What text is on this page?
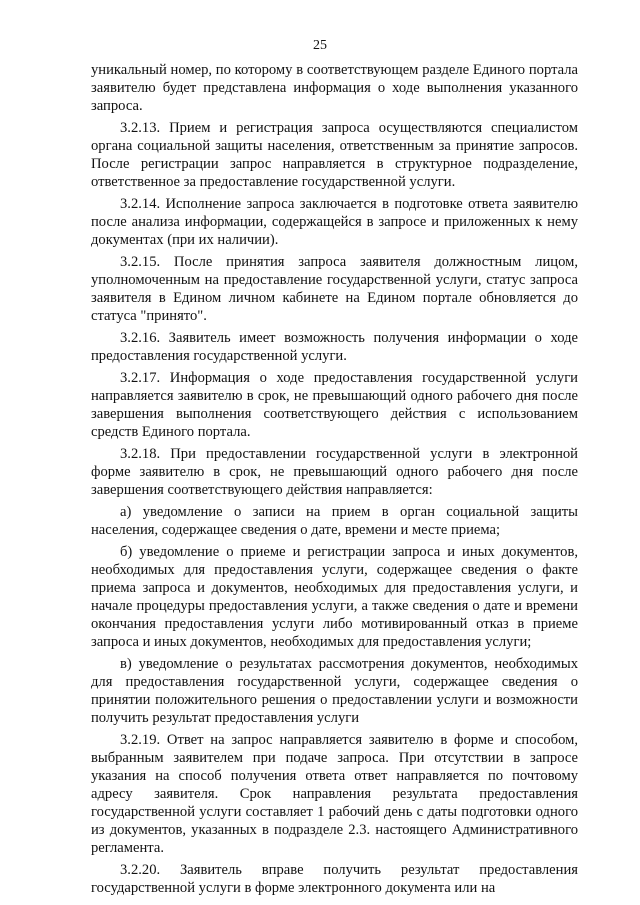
25

уникальный номер, по которому в соответствующем разделе Единого портала заявителю будет представлена информация о ходе выполнения указанного запроса.

3.2.13. Прием и регистрация запроса осуществляются специалистом органа социальной защиты населения, ответственным за принятие запросов. После регистрации запрос направляется в структурное подразделение, ответственное за предоставление государственной услуги.

3.2.14. Исполнение запроса заключается в подготовке ответа заявителю после анализа информации, содержащейся в запросе и приложенных к нему документах (при их наличии).

3.2.15. После принятия запроса заявителя должностным лицом, уполномоченным на предоставление государственной услуги, статус запроса заявителя в Едином личном кабинете на Едином портале обновляется до статуса "принято".

3.2.16. Заявитель имеет возможность получения информации о ходе предоставления государственной услуги.

3.2.17. Информация о ходе предоставления государственной услуги направляется заявителю в срок, не превышающий одного рабочего дня после завершения выполнения соответствующего действия с использованием средств Единого портала.

3.2.18. При предоставлении государственной услуги в электронной форме заявителю в срок, не превышающий одного рабочего дня после завершения соответствующего действия направляется:

а) уведомление о записи на прием в орган социальной защиты населения, содержащее сведения о дате, времени и месте приема;

б) уведомление о приеме и регистрации запроса и иных документов, необходимых для предоставления услуги, содержащее сведения о факте приема запроса и документов, необходимых для предоставления услуги, и начале процедуры предоставления услуги, а также сведения о дате и времени окончания предоставления услуги либо мотивированный отказ в приеме запроса и иных документов, необходимых для предоставления услуги;

в) уведомление о результатах рассмотрения документов, необходимых для предоставления государственной услуги, содержащее сведения о принятии положительного решения о предоставлении услуги и возможности получить результат предоставления услуги

3.2.19. Ответ на запрос направляется заявителю в форме и способом, выбранным заявителем при подаче запроса. При отсутствии в запросе указания на способ получения ответа ответ направляется по почтовому адресу заявителя. Срок направления результата предоставления государственной услуги составляет 1 рабочий день с даты подготовки одного из документов, указанных в подразделе 2.3. настоящего Административного регламента.

3.2.20. Заявитель вправе получить результат предоставления государственной услуги в форме электронного документа или на
